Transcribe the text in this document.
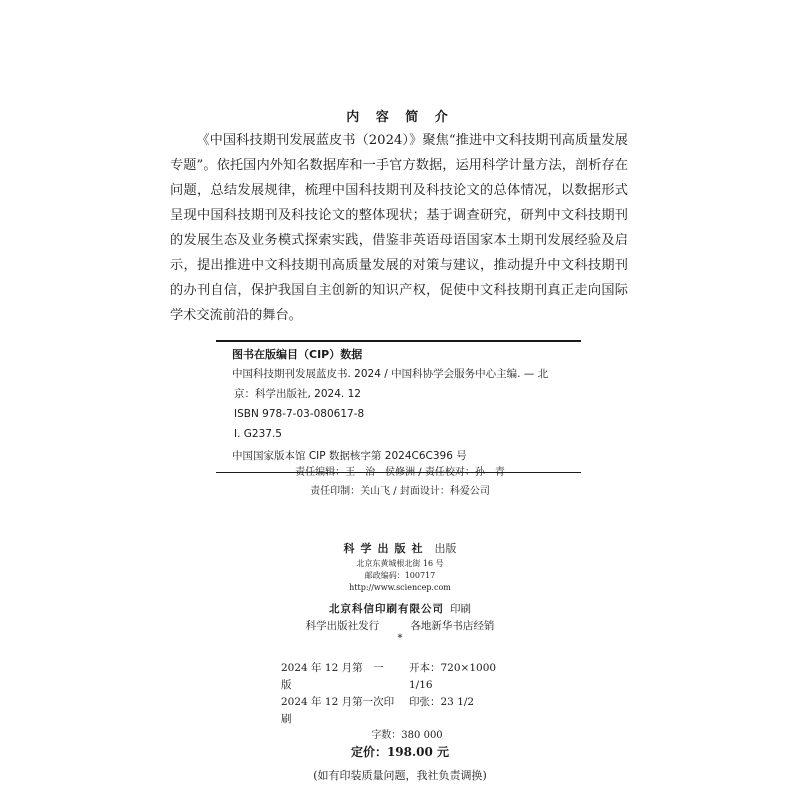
内 容 简 介

《中国科技期刊发展蓝皮书（2024）》聚焦“推进中文科技期刊高质量发展专题”。依托国内外知名数据库和一手官方数据，运用科学计量方法，剖析存在问题，总结发展规律，梳理中国科技期刊及科技论文的总体情况，以数据形式呈现中国科技期刊及科技论文的整体现状；基于调查研究，研判中文科技期刊的发展生态及业务模式探索实践，借鉴非英语母语国家本土期刊发展经验及启示，提出推进中文科技期刊高质量发展的对策与建议，推动提升中文科技期刊的办刊自信，保护我国自主创新的知识产权，促使中文科技期刊真正走向国际学术交流前沿的舞台。

图书在版编目（CIP）数据
中国科技期刊发展蓝皮书. 2024 / 中国科协学会服务中心主编. — 北
京：科学出版社, 2024. 12
ISBN 978-7-03-080617-8
Ⅰ. G237.5
中国国家版本馆 CIP 数据核字第 2024C6C396 号
责任编辑：王　治　侯修洲 / 责任校对：孙　青
责任印制：关山飞 / 封面设计：科爱公司
科学出版社 出版
北京东黄城根北街 16 号
邮政编码：100717
http://www.sciencep.com
北京科信印刷有限公司 印刷
科学出版社发行	各地新华书店经销
*
2024 年 12 月第　一　版
开本：720×1000 1/16
2024 年 12 月第一次印刷
印张：23 1/2
字数：380 000
定价：198.00 元
(如有印装质量问题，我社负责调换)
